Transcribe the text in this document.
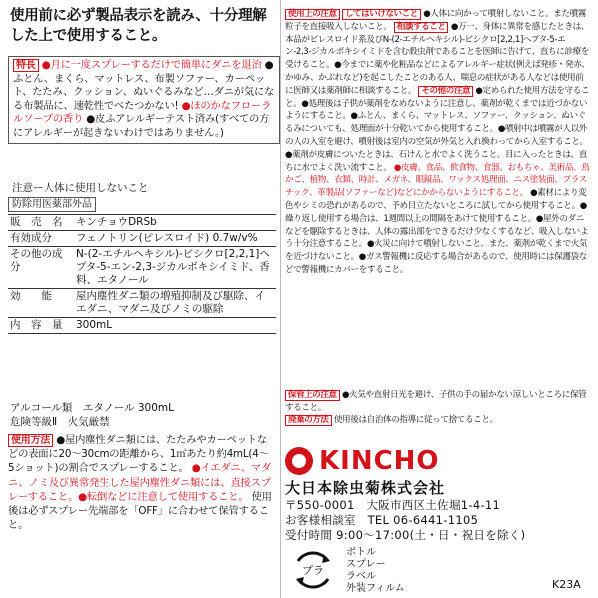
使用前に必ず製品表示を読み、十分理解した上で使用すること。
特長 ●月に一度スプレーするだけで簡単にダニを退治 ●ふとん、まくら、マットレス、布製ソファー、カーペット、たたみ、クッション、ぬいぐるみなど…ダニが気になる布製品に、速乾性でべたつかない! ●ほのかなフローラルソープの香り ●皮ふアレルギーテスト済み(すべての方にアレルギーが起きないわけではありません。)
注意ー人体に使用しないこと
防除用医薬部外品
販　売　名	キンチョウDRSb
有効成分	フェノトリン(ピレスロイド) 0.7w/v%
その他の成分	N-(2-エチルヘキシル)-ビシクロ[2,2,1]ヘプタ-5-エン-2,3-ジカルボキシイミド、香料、エタノール
効　　能	屋内塵性ダニ類の増殖抑制及び駆除、イエダニ、マダニ及びノミの駆除
内　容　量	300mL
アルコール類　エタノール 300mL
危険等級Ⅱ　火気厳禁
使用方法 ●屋内塵性ダニ類には、たたみやカーペットなどの表面に20～30cmの距離から、1㎡あたり約4mL(4～5ショット)の割合でスプレーすること。 ●イエダニ、マダニ、ノミ及び異常発生した屋内塵性ダニ類には、直接スプレーすること。●転倒などに注意して使用すること。 使用後は必ずスプレー先端部を「OFF」に合わせて保管すること。
使用上の注意 してはいけないこと ●人体に向かって噴射しないこと。また噴霧粒子を直接吸入しないこと。 相談すること ●万一、身体に異常を感じたときは、本品がピレスロイド系及びN-(2-エチルヘキシル)-ビシクロ[2,2,1]ヘプタ-5-エン-2,3-ジカルボキシイミドを含む殺虫剤であることを医師に告げて、直ちに診療を受けること。●今までに薬や化粧品などによるアレルギー症状(例えば発疹・発赤、かゆみ、かぶれなど)を起こしたことのある人、喘息の症状がある人などは使用前に医師又は薬剤師に相談すること。 その他の注意 ●定められた使用方法を守ること。●処理後は子供が薬剤をなめないように注意し、薬剤が乾くまでは近づかないようにすること。●ふとん、まくら、マットレス、ソファー、クッション、ぬいぐるみについても、処理面が十分乾いてから使用すること。●噴射中は噴霧が人以外の人の入室を避け、噴射後は室内の空気が外気と入れ換わってから入室すること。●薬剤が皮膚についたときは、石けんと水でよく洗うこと。目に入ったときは、直ちに水でよく洗い流すこと。 ●皮膚、食品、飲食物、食器、おもちゃ、美術品、鳥かご、植物、衣類、時計、メガネ、眼鏡品、ワックス処理面、ニス塗装面、プラスチック、革製品(ソファーなど)などにかからないようにすること。 ●素材により変色やシミの恐れがあるので、予め目立たないところに試してから使用すること。●繰り返し使用する場合は、1週間以上の間隔をあけて使用すること。●屋外のダニなどを駆除するときは、人体の露出部をできるだけ少なくするなど、吸入しないよう十分注意すること。●火災に向けて噴射しないこと。また、薬剤が乾くまで火気を近づけないこと。●ガス警報機に反応する場合があるので、使用時には保護袋などで警報機にカバーをすること。
保管上の注意 ●火気や直射日光を避け、子供の手の届かない涼しいところに保管すること。
廃棄の方法 使用後は自治体の指導に従って捨てること。
KINCHO
大日本除虫菊株式会社
〒550-0001　大阪市西区土佐堀1-4-11
お客様相談室　TEL 06-6441-1105
受付時間 9:00～17:00(土・日・祝日を除く)
プラ
ボトル
スプレー
ラベル
外装フィルム	K23A
